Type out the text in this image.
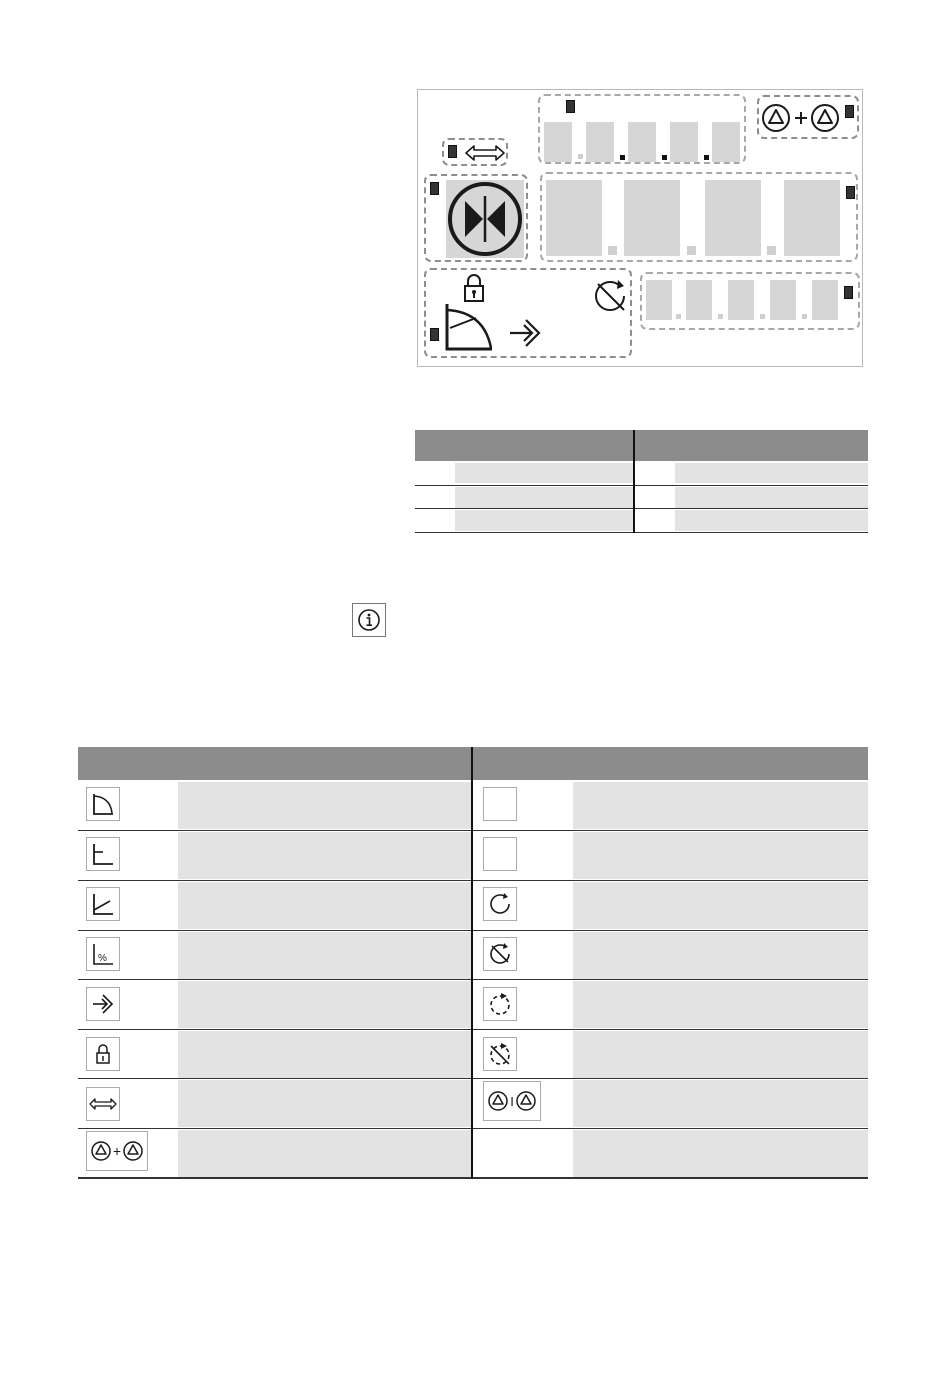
%
I
+
